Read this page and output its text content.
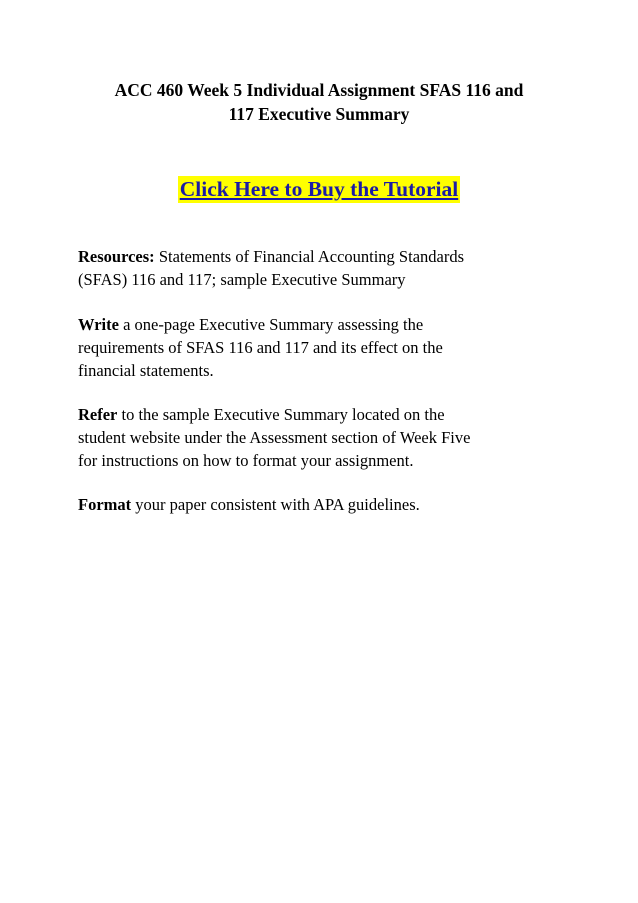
ACC 460 Week 5 Individual Assignment SFAS 116 and
117 Executive Summary
Click Here to Buy the Tutorial

Resources: Statements of Financial Accounting Standards
(SFAS) 116 and 117; sample Executive Summary

Write a one-page Executive Summary assessing the
requirements of SFAS 116 and 117 and its effect on the
financial statements.

Refer to the sample Executive Summary located on the
student website under the Assessment section of Week Five
for instructions on how to format your assignment.

Format your paper consistent with APA guidelines.
